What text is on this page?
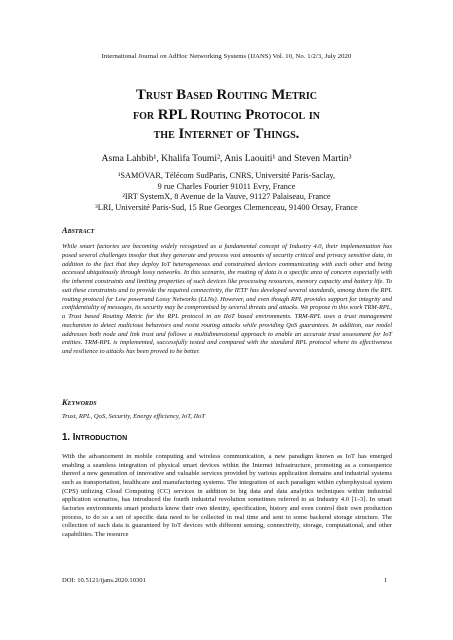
International Journal on AdHoc Networking Systems (IJANS) Vol. 10, No. 1/2/3, July 2020
Trust Based Routing Metric
for RPL Routing Protocol in
the Internet of Things.
Asma Lahbib¹, Khalifa Toumi², Anis Laouiti¹ and Steven Martin³
¹SAMOVAR, Télécom SudParis, CNRS, Université Paris-Saclay,
9 rue Charles Fourier 91011 Evry, France
²IRT SystemX, 8 Avenue de la Vauve, 91127 Palaiseau, France
³LRI, Université Paris-Sud, 15 Rue Georges Clemenceau, 91400 Orsay, France
Abstract
While smart factories are becoming widely recognized as a fundamental concept of Industry 4.0, their implementation has posed several challenges insofar that they generate and process vast amounts of security critical and privacy sensitive data, in addition to the fact that they deploy IoT heterogeneous and constrained devices communicating with each other and being accessed ubiquitously through lossy networks. In this scenario, the routing of data is a specific area of concern especially with the inherent constraints and limiting properties of such devices like processing resources, memory capacity and battery life. To suit these constraints and to provide the required connectivity, the IETF has developed several standards, among them the RPL routing protocol for Low powerand Lossy Networks (LLNs). However, and even though RPL provides support for integrity and confidentiality of messages, its security may be compromised by several threats and attacks. We propose in this work TRM-RPL, a Trust based Routing Metric for the RPL protocol in an IIoT based environments. TRM-RPL uses a trust management mechanism to detect malicious behaviors and resist routing attacks while providing QoS guarantees. In addition, our model addresses both node and link trust and follows a multidimensional approach to enable an accurate trust assessment for IoT entities. TRM-RPL is implemented, successfully tested and compared with the standard RPL protocol where its effectiveness and resilience to attacks has been proved to be better.
Keywords
Trust, RPL, QoS, Security, Energy efficiency, IoT, IIoT
1. Introduction
With the advancement in mobile computing and wireless communication, a new paradigm known as IoT has emerged enabling a seamless integration of physical smart devices within the Internet infrastructure, promoting as a consequence thereof a new generation of innovative and valuable services provided by various application domains and industrial systems such as transportation, healthcare and manufacturing systems. The integration of such paradigm within cyberphysical system (CPS) utilizing Cloud Computing (CC) services in addition to big data and data analytics techniques within industrial application scenarios, has introduced the fourth industrial revolution sometimes referred to as Industry 4.0 [1–3]. In smart factories environments smart products know their own identity, specification, history and even control their own production process, to do so a set of specific data need to be collected in real time and sent to some backend storage structure. The collection of such data is guaranteed by IoT devices with different sensing, connectivity, storage, computational, and other capabilities. The resource
DOI: 10.5121/ijans.2020.10301	1
